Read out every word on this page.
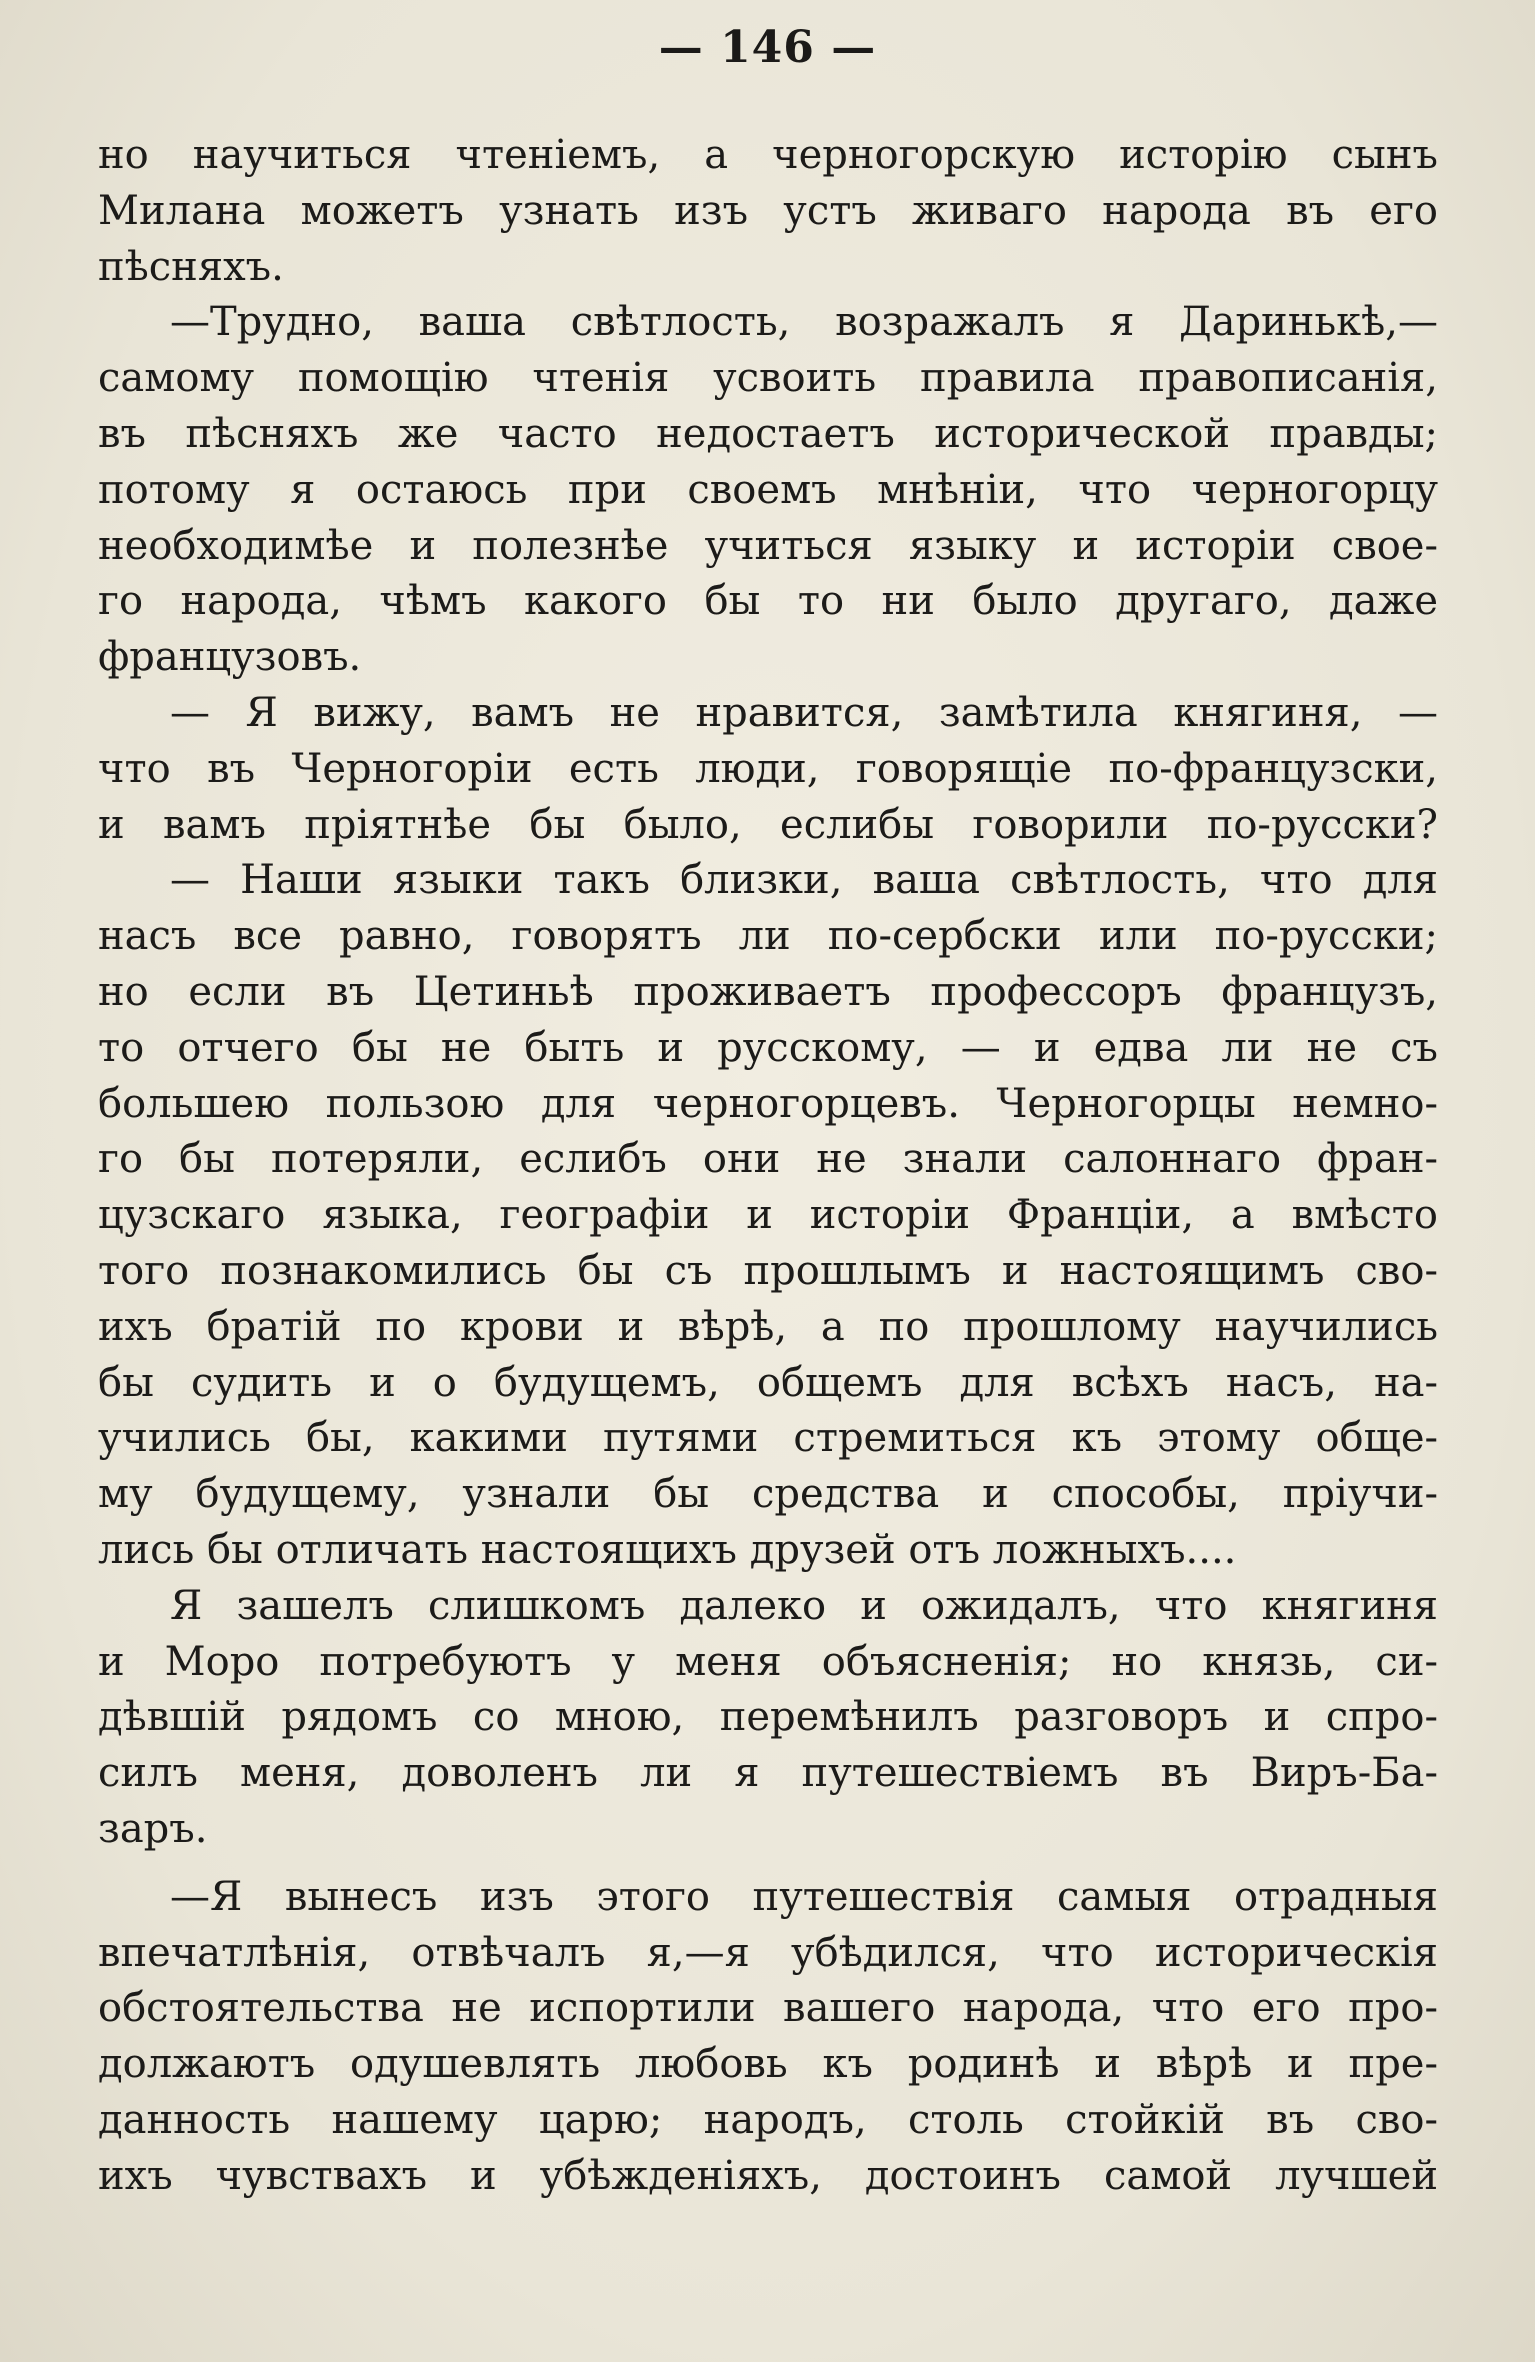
— 146 —
но научиться чтеніемъ, а черногорскую исторію сынъ
Милана можетъ узнать изъ устъ живаго народа въ его
пѣсняхъ.
—Трудно, ваша свѣтлость, возражалъ я Даринькѣ,—
самому помощію чтенія усвоить правила правописанія,
въ пѣсняхъ же часто недостаетъ исторической правды;
потому я остаюсь при своемъ мнѣніи, что черногорцу
необходимѣе и полезнѣе учиться языку и исторіи свое-
го народа, чѣмъ какого бы то ни было другаго, даже
французовъ.
— Я вижу, вамъ не нравится, замѣтила княгиня, —
что въ Черногоріи есть люди, говорящіе по-французски,
и вамъ пріятнѣе бы было, еслибы говорили по-русски?
— Наши языки такъ близки, ваша свѣтлость, что для
насъ все равно, говорятъ ли по-сербски или по-русски;
но если въ Цетиньѣ проживаетъ профессоръ французъ,
то отчего бы не быть и русскому, — и едва ли не съ
большею пользою для черногорцевъ. Черногорцы немно-
го бы потеряли, еслибъ они не знали салоннаго фран-
цузскаго языка, географіи и исторіи Франціи, а вмѣсто
того познакомились бы съ прошлымъ и настоящимъ сво-
ихъ братій по крови и вѣрѣ, а по прошлому научились
бы судить и о будущемъ, общемъ для всѣхъ насъ, на-
учились бы, какими путями стремиться къ этому обще-
му будущему, узнали бы средства и способы, пріучи-
лись бы отличать настоящихъ друзей отъ ложныхъ....
Я зашелъ слишкомъ далеко и ожидалъ, что княгиня
и Моро потребуютъ у меня объясненія; но князь, си-
дѣвшій рядомъ со мною, перемѣнилъ разговоръ и спро-
силъ меня, доволенъ ли я путешествіемъ въ Виръ-Ба-
заръ.
—Я вынесъ изъ этого путешествія самыя отрадныя
впечатлѣнія, отвѣчалъ я,—я убѣдился, что историческія
обстоятельства не испортили вашего народа, что его про-
должаютъ одушевлять любовь къ родинѣ и вѣрѣ и пре-
данность нашему царю; народъ, столь стойкій въ сво-
ихъ чувствахъ и убѣжденіяхъ, достоинъ самой лучшей
